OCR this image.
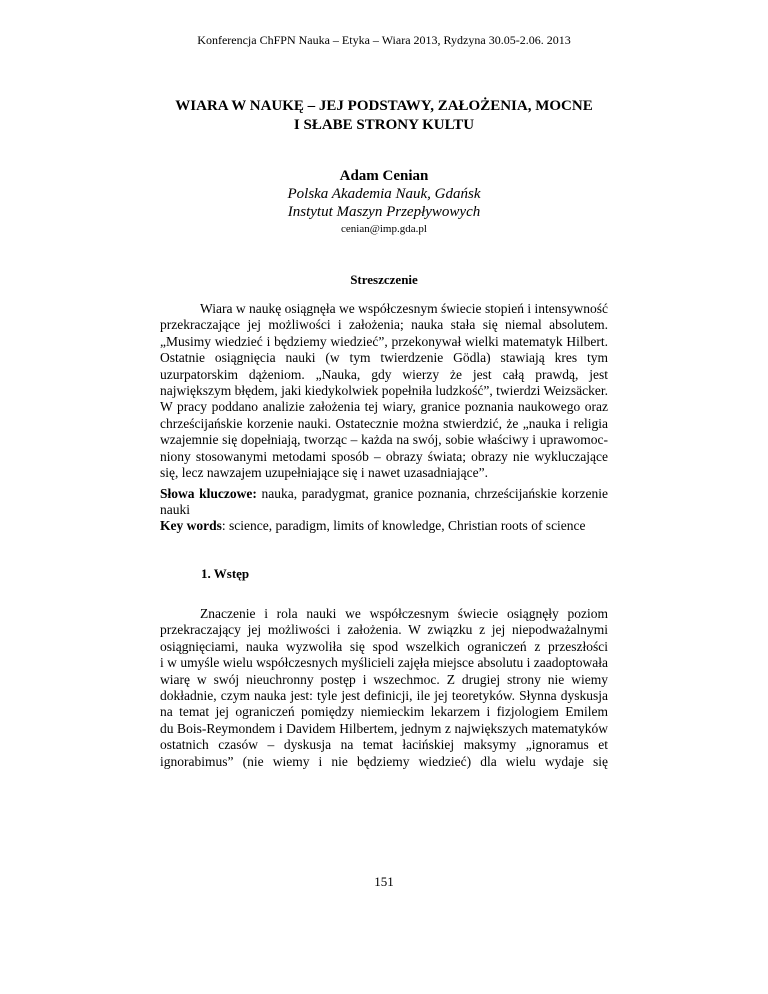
Konferencja ChFPN Nauka – Etyka – Wiara 2013, Rydzyna 30.05-2.06. 2013
WIARA W NAUKĘ – JEJ PODSTAWY, ZAŁOŻENIA, MOCNE
I SŁABE STRONY KULTU
Adam Cenian
Polska Akademia Nauk, Gdańsk
Instytut Maszyn Przepływowych
cenian@imp.gda.pl
Streszczenie
Wiara w naukę osiągnęła we współczesnym świecie stopień i intensywność
przekraczające jej możliwości i założenia; nauka stała się niemal absolutem.
„Musimy wiedzieć i będziemy wiedzieć”, przekonywał wielki matematyk Hilbert.
Ostatnie osiągnięcia nauki (w tym twierdzenie Gödla) stawiają kres tym
uzurpatorskim dążeniom. „Nauka, gdy wierzy że jest całą prawdą, jest
największym błędem, jaki kiedykolwiek popełniła ludzkość”, twierdzi Weizsäcker.
W pracy poddano analizie założenia tej wiary, granice poznania naukowego oraz
chrześcijańskie korzenie nauki. Ostatecznie można stwierdzić, że „nauka i religia
wzajemnie się dopełniają, tworząc – każda na swój, sobie właściwy i uprawomoc-
niony stosowanymi metodami sposób – obrazy świata; obrazy nie wykluczające
się, lecz nawzajem uzupełniające się i nawet uzasadniające”.
Słowa kluczowe: nauka, paradygmat, granice poznania, chrześcijańskie korzenie
nauki
Key words: science, paradigm, limits of knowledge, Christian roots of science
1. Wstęp
Znaczenie i rola nauki we współczesnym świecie osiągnęły poziom
przekraczający jej możliwości i założenia. W związku z jej niepodważalnymi
osiągnięciami, nauka wyzwoliła się spod wszelkich ograniczeń z przeszłości
i w umyśle wielu współczesnych myślicieli zajęła miejsce absolutu i zaadoptowała
wiarę w swój nieuchronny postęp i wszechmoc. Z drugiej strony nie wiemy
dokładnie, czym nauka jest: tyle jest definicji, ile jej teoretyków. Słynna dyskusja
na temat jej ograniczeń pomiędzy niemieckim lekarzem i fizjologiem Emilem
du Bois-Reymondem i Davidem Hilbertem, jednym z największych matematyków
ostatnich czasów – dyskusja na temat łacińskiej maksymy „ignoramus et
ignorabimus” (nie wiemy i nie będziemy wiedzieć) dla wielu wydaje się
151
